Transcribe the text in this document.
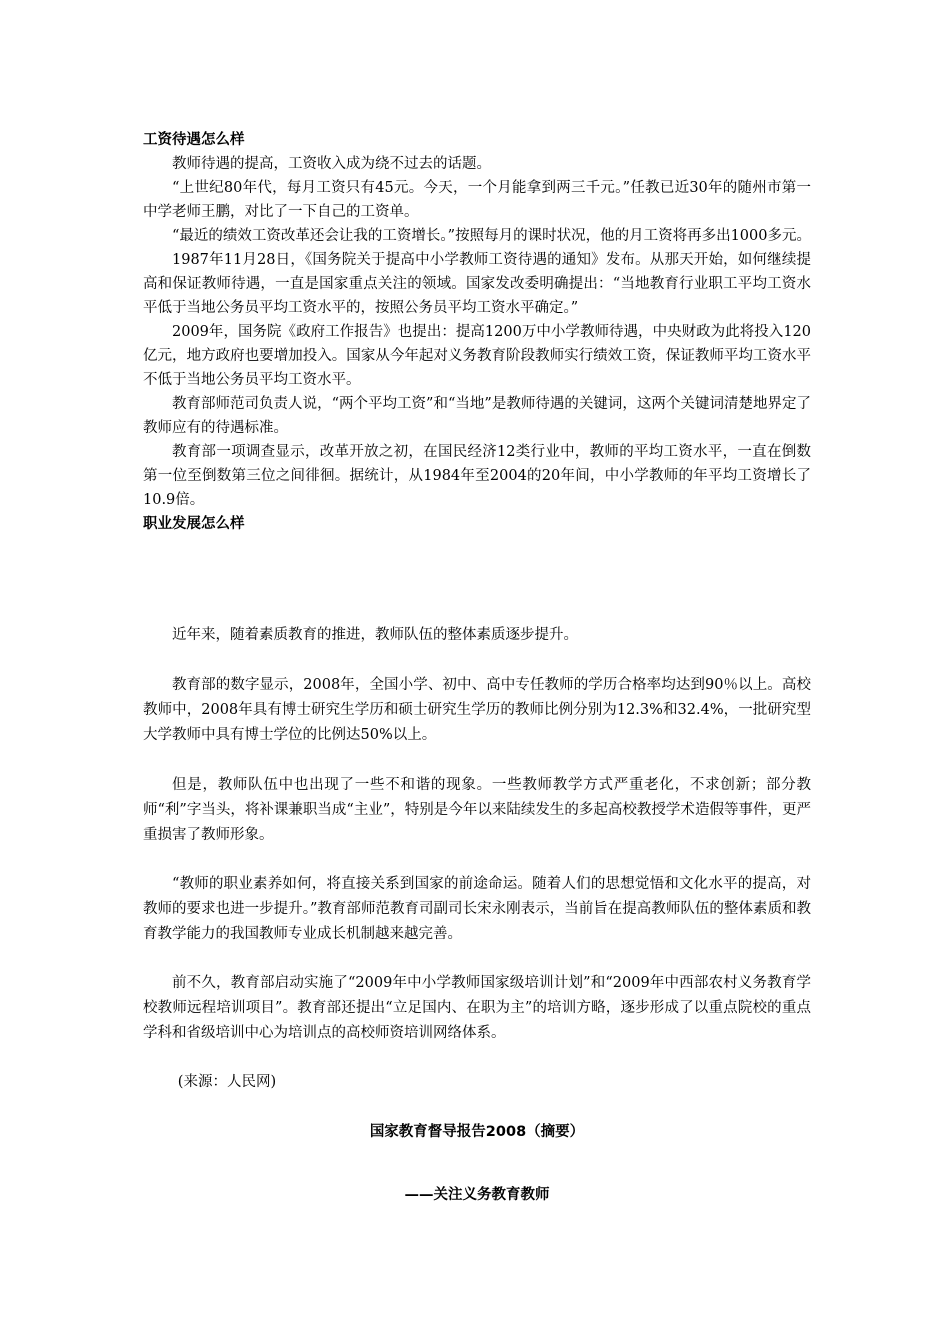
工资待遇怎么样

教师待遇的提高，工资收入成为绕不过去的话题。

“上世纪80年代，每月工资只有45元。今天，一个月能拿到两三千元。”任教已近30年的随州市第一中学老师王鹏，对比了一下自己的工资单。

“最近的绩效工资改革还会让我的工资增长。”按照每月的课时状况，他的月工资将再多出1000多元。

1987年11月28日，《国务院关于提高中小学教师工资待遇的通知》发布。从那天开始，如何继续提高和保证教师待遇，一直是国家重点关注的领域。国家发改委明确提出：“当地教育行业职工平均工资水平低于当地公务员平均工资水平的，按照公务员平均工资水平确定。”

2009年，国务院《政府工作报告》也提出：提高1200万中小学教师待遇，中央财政为此将投入120亿元，地方政府也要增加投入。国家从今年起对义务教育阶段教师实行绩效工资，保证教师平均工资水平不低于当地公务员平均工资水平。

教育部师范司负责人说，“两个平均工资”和“当地”是教师待遇的关键词，这两个关键词清楚地界定了教师应有的待遇标准。

教育部一项调查显示，改革开放之初，在国民经济12类行业中，教师的平均工资水平，一直在倒数第一位至倒数第三位之间徘徊。据统计，从1984年至2004的20年间，中小学教师的年平均工资增长了10.9倍。

职业发展怎么样

近年来，随着素质教育的推进，教师队伍的整体素质逐步提升。

教育部的数字显示，2008年，全国小学、初中、高中专任教师的学历合格率均达到90％以上。高校教师中，2008年具有博士研究生学历和硕士研究生学历的教师比例分别为12.3%和32.4%，一批研究型大学教师中具有博士学位的比例达50%以上。

但是，教师队伍中也出现了一些不和谐的现象。一些教师教学方式严重老化，不求创新；部分教师“利”字当头，将补课兼职当成“主业”，特别是今年以来陆续发生的多起高校教授学术造假等事件，更严重损害了教师形象。

“教师的职业素养如何，将直接关系到国家的前途命运。随着人们的思想觉悟和文化水平的提高，对教师的要求也进一步提升。”教育部师范教育司副司长宋永刚表示，当前旨在提高教师队伍的整体素质和教育教学能力的我国教师专业成长机制越来越完善。

前不久，教育部启动实施了“2009年中小学教师国家级培训计划”和“2009年中西部农村义务教育学校教师远程培训项目”。教育部还提出“立足国内、在职为主”的培训方略，逐步形成了以重点院校的重点学科和省级培训中心为培训点的高校师资培训网络体系。

(来源：人民网)

国家教育督导报告2008（摘要）

——关注义务教育教师
